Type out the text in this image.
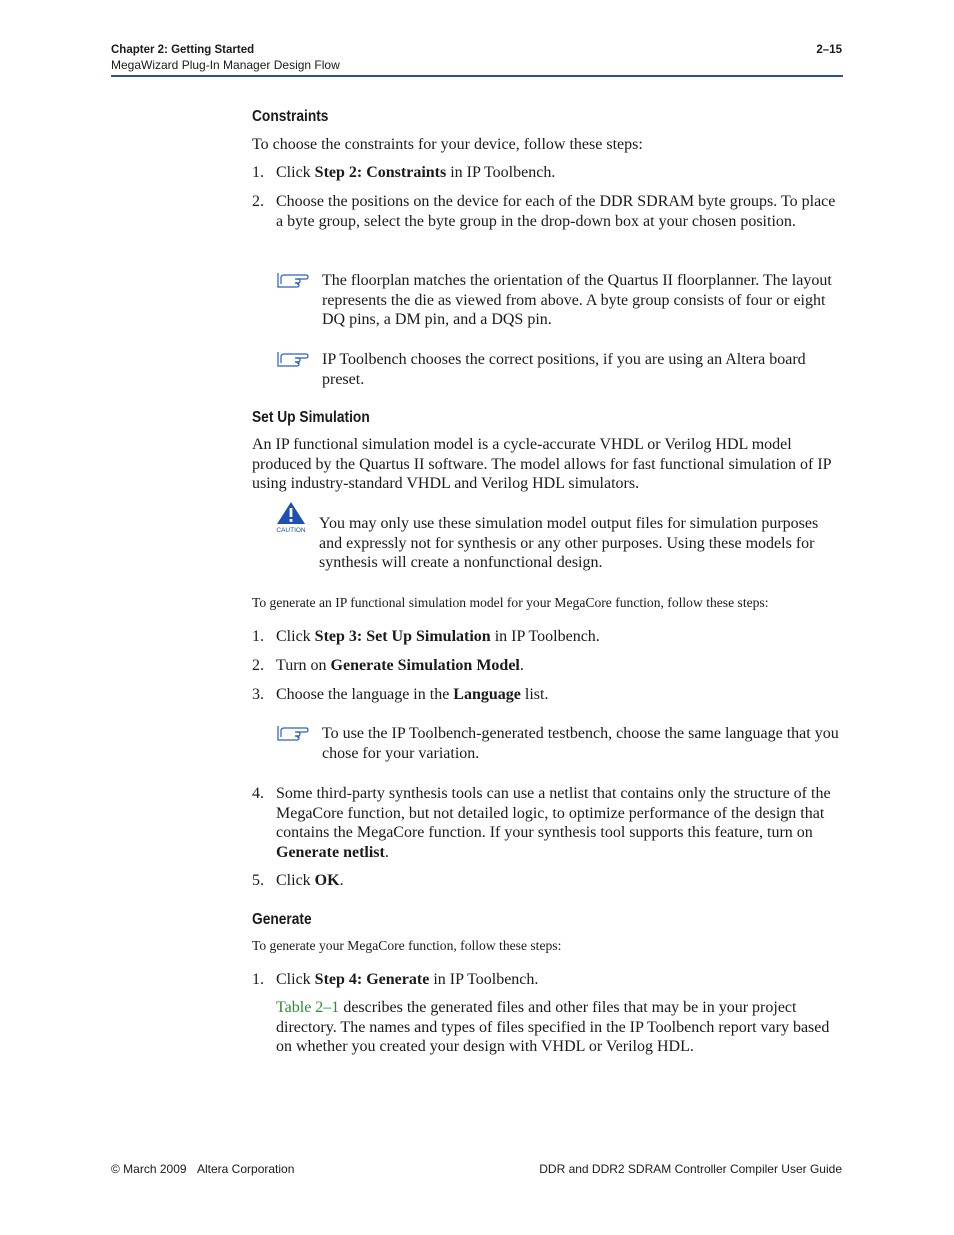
Chapter 2: Getting Started
MegaWizard Plug-In Manager Design Flow
2–15
Constraints
To choose the constraints for your device, follow these steps:
1. Click Step 2: Constraints in IP Toolbench.
2. Choose the positions on the device for each of the DDR SDRAM byte groups. To place a byte group, select the byte group in the drop-down box at your chosen position.
The floorplan matches the orientation of the Quartus II floorplanner. The layout represents the die as viewed from above. A byte group consists of four or eight DQ pins, a DM pin, and a DQS pin.
IP Toolbench chooses the correct positions, if you are using an Altera board preset.
Set Up Simulation
An IP functional simulation model is a cycle-accurate VHDL or Verilog HDL model produced by the Quartus II software. The model allows for fast functional simulation of IP using industry-standard VHDL and Verilog HDL simulators.
CAUTION You may only use these simulation model output files for simulation purposes and expressly not for synthesis or any other purposes. Using these models for synthesis will create a nonfunctional design.
To generate an IP functional simulation model for your MegaCore function, follow these steps:
1. Click Step 3: Set Up Simulation in IP Toolbench.
2. Turn on Generate Simulation Model.
3. Choose the language in the Language list.
To use the IP Toolbench-generated testbench, choose the same language that you chose for your variation.
4. Some third-party synthesis tools can use a netlist that contains only the structure of the MegaCore function, but not detailed logic, to optimize performance of the design that contains the MegaCore function. If your synthesis tool supports this feature, turn on Generate netlist.
5. Click OK.
Generate
To generate your MegaCore function, follow these steps:
1. Click Step 4: Generate in IP Toolbench.
Table 2–1 describes the generated files and other files that may be in your project directory. The names and types of files specified in the IP Toolbench report vary based on whether you created your design with VHDL or Verilog HDL.
© March 2009 Altera Corporation	DDR and DDR2 SDRAM Controller Compiler User Guide
